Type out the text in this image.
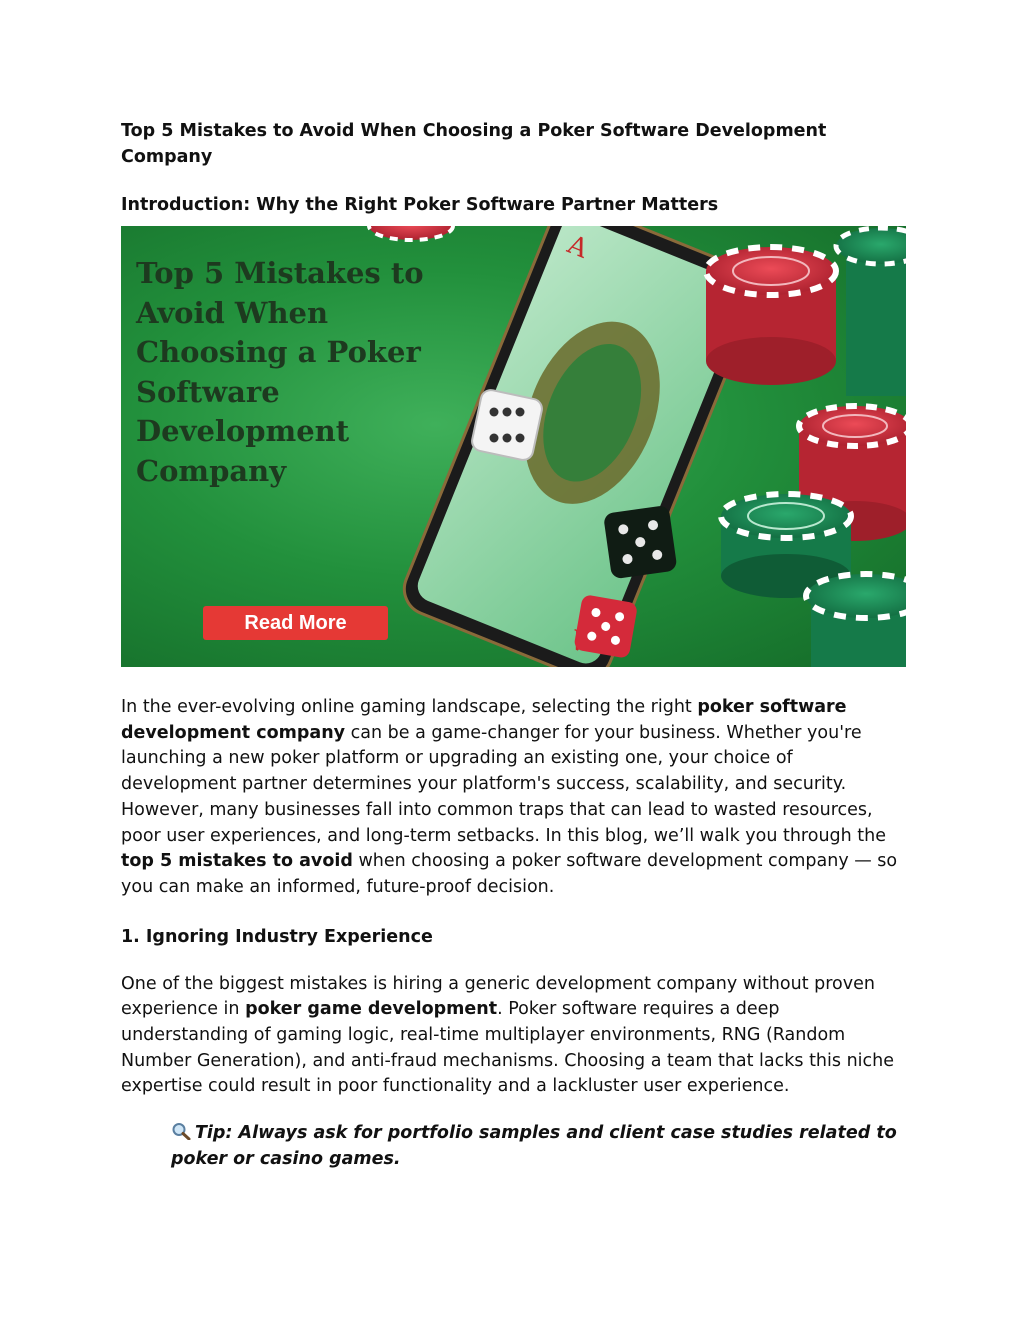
Top 5 Mistakes to Avoid When Choosing a Poker Software Development Company
Introduction: Why the Right Poker Software Partner Matters
A
Top 5 Mistakes to
Avoid When
Choosing a Poker
Software
Development
Company
Read More

In the ever-evolving online gaming landscape, selecting the right poker software development company can be a game-changer for your business. Whether you're launching a new poker platform or upgrading an existing one, your choice of development partner determines your platform's success, scalability, and security. However, many businesses fall into common traps that can lead to wasted resources, poor user experiences, and long-term setbacks. In this blog, we’ll walk you through the top 5 mistakes to avoid when choosing a poker software development company — so you can make an informed, future-proof decision.

1. Ignoring Industry Experience

One of the biggest mistakes is hiring a generic development company without proven experience in poker game development. Poker software requires a deep understanding of gaming logic, real-time multiplayer environments, RNG (Random Number Generation), and anti-fraud mechanisms. Choosing a team that lacks this niche expertise could result in poor functionality and a lackluster user experience.

Tip: Always ask for portfolio samples and client case studies related to poker or casino games.
